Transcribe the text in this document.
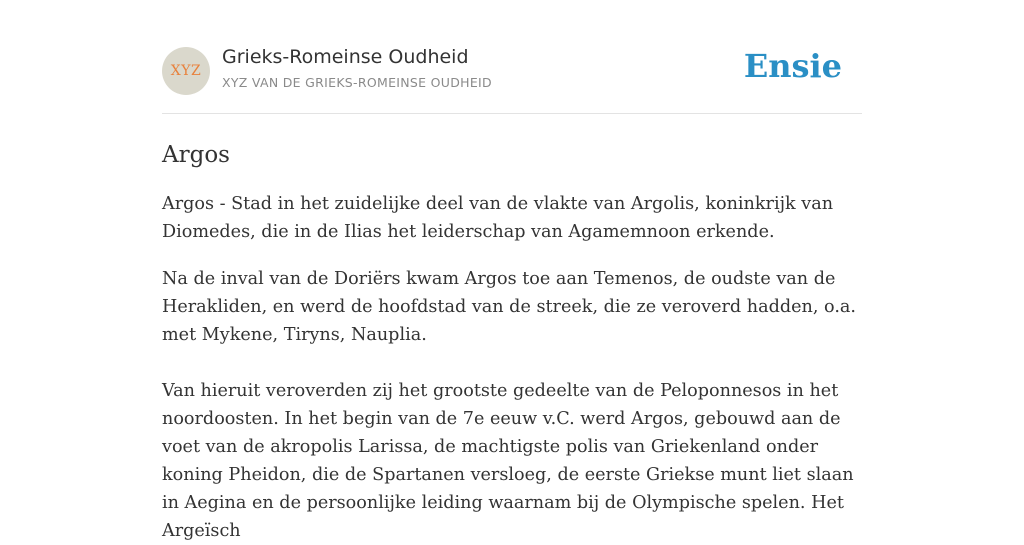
XYZ
Grieks-Romeinse Oudheid
XYZ VAN DE GRIEKS-ROMEINSE OUDHEID	Ensie
Argos

Argos - Stad in het zuidelijke deel van de vlakte van Argolis, koninkrijk van Diomedes, die in de Ilias het leiderschap van Agamemnoon erkende.

Na de inval van de Doriërs kwam Argos toe aan Temenos, de oudste van de Herakliden, en werd de hoofdstad van de streek, die ze veroverd hadden, o.a. met Mykene, Tiryns, Nauplia.

Van hieruit veroverden zij het grootste gedeelte van de Peloponnesos in het noordoosten. In het begin van de 7e eeuw v.C. werd Argos, gebouwd aan de voet van de akropolis Larissa, de machtigste polis van Griekenland onder koning Pheidon, die de Spartanen versloeg, de eerste Griekse munt liet slaan in Aegina en de persoonlijke leiding waarnam bij de Olympische spelen. Het Argeïsch
